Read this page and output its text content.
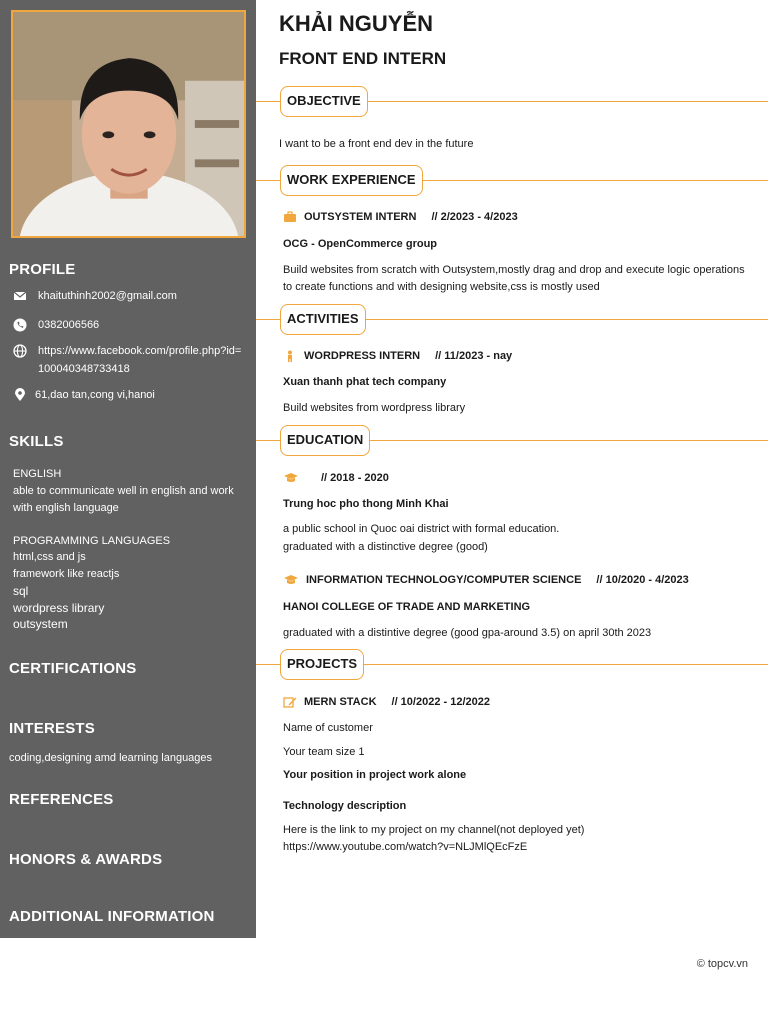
PROFILE
khaituthinh2002@gmail.com
0382006566
https://www.facebook.com/profile.php?id=100040348733418
61,dao tan,cong vi,hanoi
SKILLS
ENGLISH
able to communicate well in english and work with english language
PROGRAMMING LANGUAGES
html,css and js
framework like reactjs
sql
wordpress library
outsystem
CERTIFICATIONS
INTERESTS
coding,designing amd learning languages
REFERENCES
HONORS & AWARDS
ADDITIONAL INFORMATION
KHẢI NGUYỄN
FRONT END INTERN
OBJECTIVE
I want to be a front end dev in the future
WORK EXPERIENCE
OUTSYSTEM INTERN // 2/2023 - 4/2023
OCG - OpenCommerce group
Build websites from scratch with Outsystem,mostly drag and drop and execute logic operations to create functions and with designing website,css is mostly used
ACTIVITIES
WORDPRESS INTERN // 11/2023 - nay
Xuan thanh phat tech company
Build websites from wordpress library
EDUCATION
// 2018 - 2020
Trung hoc pho thong Minh Khai
a public school in Quoc oai district with formal education.
graduated with a distinctive degree (good)
INFORMATION TECHNOLOGY/COMPUTER SCIENCE // 10/2020 - 4/2023
HANOI COLLEGE OF TRADE AND MARKETING
graduated with a distintive degree (good gpa-around 3.5) on april 30th 2023
PROJECTS
MERN STACK // 10/2022 - 12/2022
Name of customer
Your team size 1
Your position in project work alone
Technology description
Here is the link to my project on my channel(not deployed yet)
https://www.youtube.com/watch?v=NLJMlQEcFzE
© topcv.vn
